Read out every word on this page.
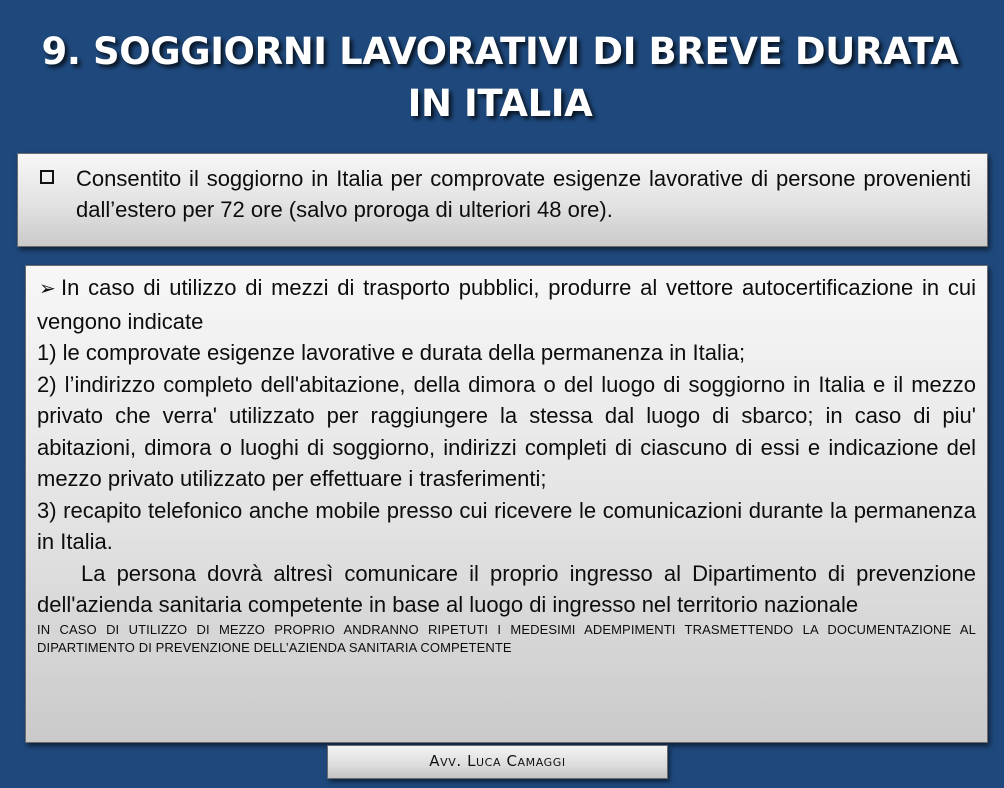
9. SOGGIORNI LAVORATIVI DI BREVE DURATA
IN ITALIA
Consentito il soggiorno in Italia per comprovate esigenze lavorative di persone provenienti dall’estero per 72 ore (salvo proroga di ulteriori 48 ore).

➢ In caso di utilizzo di mezzi di trasporto pubblici, produrre al vettore autocertificazione in cui vengono indicate

1) le comprovate esigenze lavorative e durata della permanenza in Italia;

2) l’indirizzo completo dell'abitazione, della dimora o del luogo di soggiorno in Italia e il mezzo privato che verra' utilizzato per raggiungere la stessa dal luogo di sbarco; in caso di piu' abitazioni, dimora o luoghi di soggiorno, indirizzi completi di ciascuno di essi e indicazione del mezzo privato utilizzato per effettuare i trasferimenti;

3) recapito telefonico anche mobile presso cui ricevere le comunicazioni durante la permanenza in Italia.

La persona dovrà altresì comunicare il proprio ingresso al Dipartimento di prevenzione dell'azienda sanitaria competente in base al luogo di ingresso nel territorio nazionale

IN CASO DI UTILIZZO DI MEZZO PROPRIO ANDRANNO RIPETUTI I MEDESIMI ADEMPIMENTI TRASMETTENDO LA DOCUMENTAZIONE AL DIPARTIMENTO DI PREVENZIONE DELL’AZIENDA SANITARIA COMPETENTE

Avv. Luca Camaggi
